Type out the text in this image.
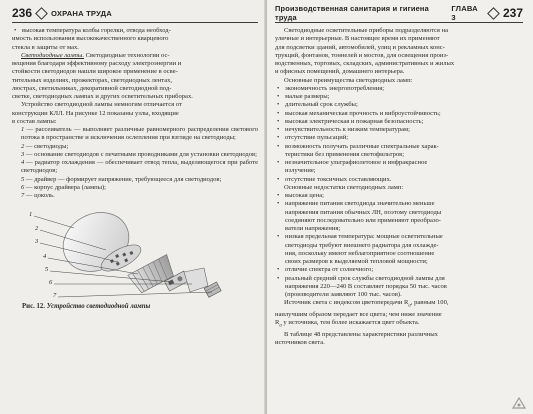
236	ОХРАНА ТРУДА

• высокая температура колбы горелки, отвода необход-

имость использования высококачественного кварцевого

стекла в защиты от мах.

Светодиодные лампы. Светодиодные технологии ос-

вещения благодаря эффективному расходу электроэнергии и

стойкости светодиодов нашли широкое применение в осве-

тительных изделиях, прожекторах, светодиодных лентах,

люстрах, светильниках, декоративной светодиодной под-

светке, светодиодных лампах и других осветительных приборах.

Устройство светодиодной лампы немногим отличается от

конструкции КЛЛ. На рисунке 12 показаны узлы, входящие

в состав лампы:

1 — рассеиватель — выполняет различные равномерного распределения светового потока в пространстве и исключения ослепления при взгляде на светодиоды;

2 — светодиоды;

3 — основание светодиодов с печатными проводниками для установки светодиодов;

4 — радиатор охлаждения — обеспечивает отвод тепла, выделяющегося при работе светодиодов;

5 — драйвер — формирует напряжение, требующееся для светодиодов;

6 — корпус драйвера (лампы);

7 — цоколь.

1
2
3
4
5
6
7
Рис. 12. Устройство светодиодной лампы
Производственная санитария и гигиена труда
ГЛАВА 3	237

Светодиодные осветительные приборы подразделяются на

уличные и интерьерные. В настоящее время их применяют

для подсветки зданий, автомобилей, улиц и рекламных конс-

трукций, фонтанов, тоннелей и мостов, для освещения произ-

водственных, торговых, складских, административных и жилых

и офисных помещений, домашнего интерьера.

Основные преимущества светодиодных ламп:

• экономичность энергопотребления;

• малые размеры;

• длительный срок службы;

• высокая механическая прочность и виброустойчивость;

• высокая электрическая и пожарная безопасность;

• нечувствительность к низким температурам;

• отсутствие пульсаций;

• возможность получать различные спектральные харак-

теристики без применения светофильтров;

• незначительное ультрафиолетовое и инфракрасное

излучение;

• отсутствие токсичных составляющих.

Основные недостатки светодиодных ламп:

• высокая цена;

• напряжение питания светодиода значительно меньше

напряжения питания обычных ЛН, поэтому светодиоды

соединяют последовательно или применяют преобразо-

ватели напряжения;

• низкая предельная температура: мощные осветительные

светодиоды требуют внешнего радиатора для охлажде-

ния, поскольку имеют неблагоприятное соотношение

своих размеров к выделяемой тепловой мощности;

• отличие спектра от солнечного;

• реальный средний срок службы светодиодной лампы для

напряжения 220—240 В составляет порядка 50 тыс. часов

(производители заявляют 100 тыс. часов).

Источник света с индексом цветопередачи $R_a$, равным 100,

наилучшим образом передает все цвета; чем ниже значение

$R_a$ у источника, тем более искажается цвет объекта.

В таблице 48 представлены характеристики различных

источников света.
